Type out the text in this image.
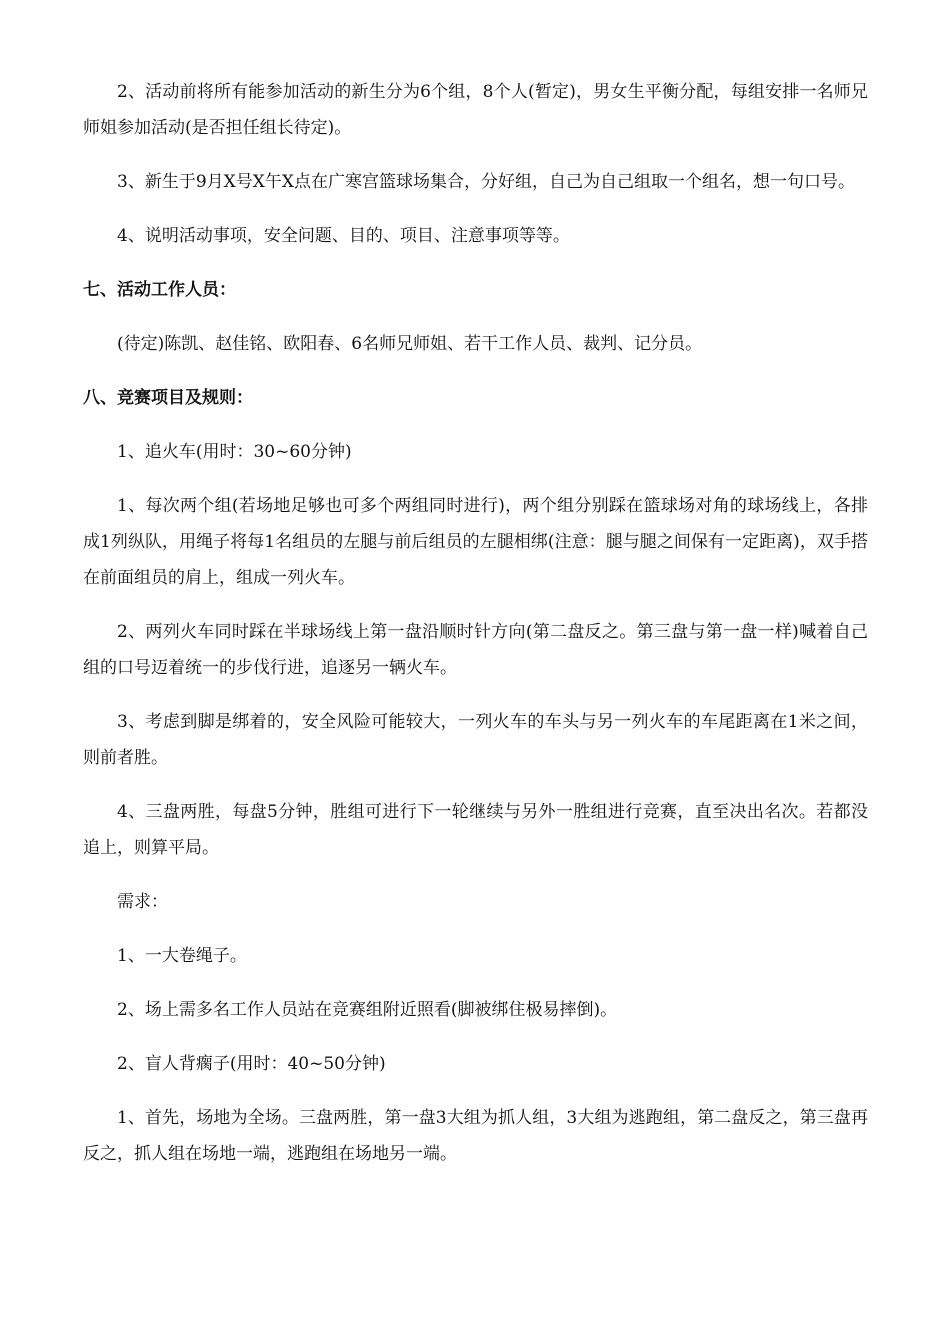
2、活动前将所有能参加活动的新生分为6个组，8个人(暂定)，男女生平衡分配，每组安排一名师兄师姐参加活动(是否担任组长待定)。

3、新生于9月X号X午X点在广寒宫篮球场集合，分好组，自己为自己组取一个组名，想一句口号。

4、说明活动事项，安全问题、目的、项目、注意事项等等。

七、活动工作人员：

(待定)陈凯、赵佳铭、欧阳春、6名师兄师姐、若干工作人员、裁判、记分员。

八、竞赛项目及规则：

1、追火车(用时：30~60分钟)

1、每次两个组(若场地足够也可多个两组同时进行)，两个组分别踩在篮球场对角的球场线上，各排成1列纵队，用绳子将每1名组员的左腿与前后组员的左腿相绑(注意：腿与腿之间保有一定距离)，双手搭在前面组员的肩上，组成一列火车。

2、两列火车同时踩在半球场线上第一盘沿顺时针方向(第二盘反之。第三盘与第一盘一样)喊着自己组的口号迈着统一的步伐行进，追逐另一辆火车。

3、考虑到脚是绑着的，安全风险可能较大，一列火车的车头与另一列火车的车尾距离在1米之间，则前者胜。

4、三盘两胜，每盘5分钟，胜组可进行下一轮继续与另外一胜组进行竞赛，直至决出名次。若都没追上，则算平局。

需求：

1、一大卷绳子。

2、场上需多名工作人员站在竞赛组附近照看(脚被绑住极易摔倒)。

2、盲人背瘸子(用时：40~50分钟)

1、首先，场地为全场。三盘两胜，第一盘3大组为抓人组，3大组为逃跑组，第二盘反之，第三盘再反之，抓人组在场地一端，逃跑组在场地另一端。
